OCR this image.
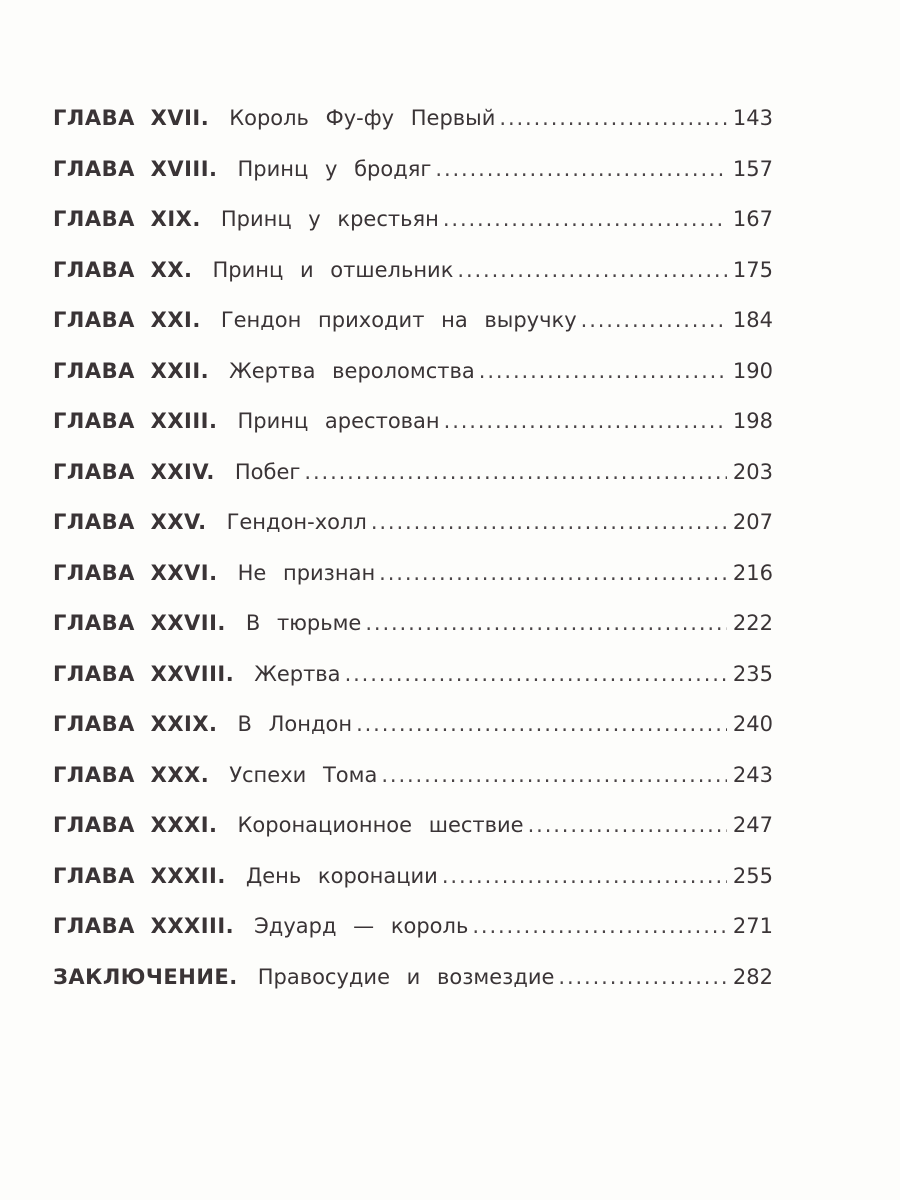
ГЛАВА XVII. Король Фу-фу Первый . . .	143
ГЛАВА XVIII. Принц у бродяг . . .	157
ГЛАВА XIX. Принц у крестьян . . .	167
ГЛАВА XX. Принц и отшельник . . .	175
ГЛАВА XXI. Гендон приходит на выручку . . .	184
ГЛАВА XXII. Жертва вероломства . . .	190
ГЛАВА XXIII. Принц арестован . . .	198
ГЛАВА XXIV. Побег . . .	203
ГЛАВА XXV. Гендон-холл . . .	207
ГЛАВА XXVI. Не признан . . .	216
ГЛАВА XXVII. В тюрьме . . .	222
ГЛАВА XXVIII. Жертва . . .	235
ГЛАВА XXIX. В Лондон . . .	240
ГЛАВА XXX. Успехи Тома . . .	243
ГЛАВА XXXI. Коронационное шествие . . .	247
ГЛАВА XXXII. День коронации . . .	255
ГЛАВА XXXIII. Эдуард — король . . .	271
ЗАКЛЮЧЕНИЕ. Правосудие и возмездие . . .	282
